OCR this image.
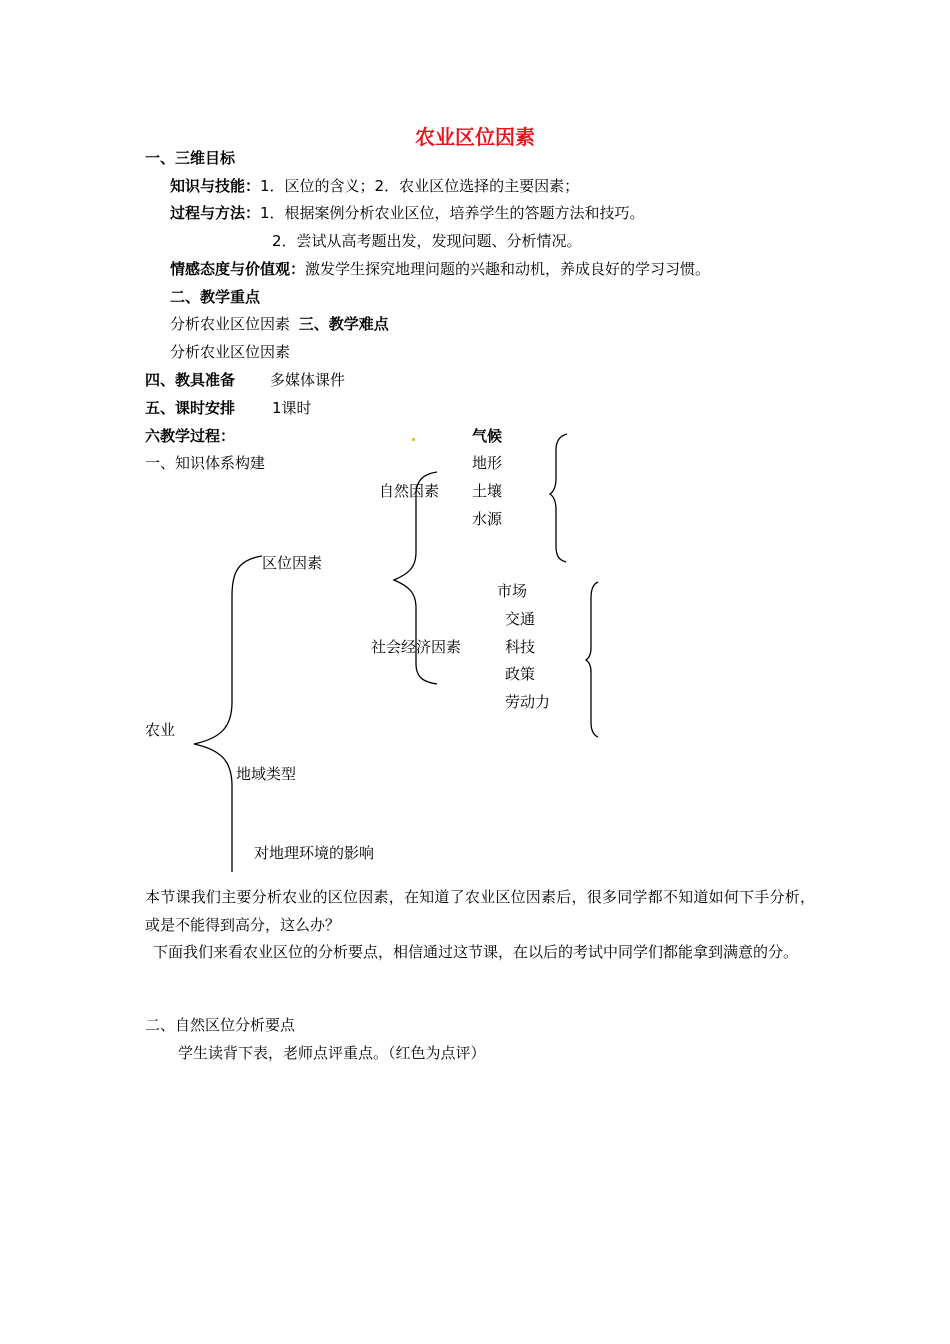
农业区位因素
一、三维目标
知识与技能：1．区位的含义；2．农业区位选择的主要因素；
过程与方法：1．根据案例分析农业区位，培养学生的答题方法和技巧。
2．尝试从高考题出发，发现问题、分析情况。
情感态度与价值观：激发学生探究地理问题的兴趣和动机，养成良好的学习习惯。
二、教学重点
分析农业区位因素 三、教学难点
分析农业区位因素
四、教具准备 多媒体课件
五、课时安排 1课时
六教学过程：
一、知识体系构建
区位因素
农业
地域类型
对地理环境的影响
自然因素
气候
地形
土壤
水源
社会经济因素
市场
交通
科技
政策
劳动力
本节课我们主要分析农业的区位因素，在知道了农业区位因素后，很多同学都不知道如何下手分析，或是不能得到高分，这么办？
下面我们来看农业区位的分析要点，相信通过这节课，在以后的考试中同学们都能拿到满意的分。
二、自然区位分析要点
学生读背下表，老师点评重点。（红色为点评）
